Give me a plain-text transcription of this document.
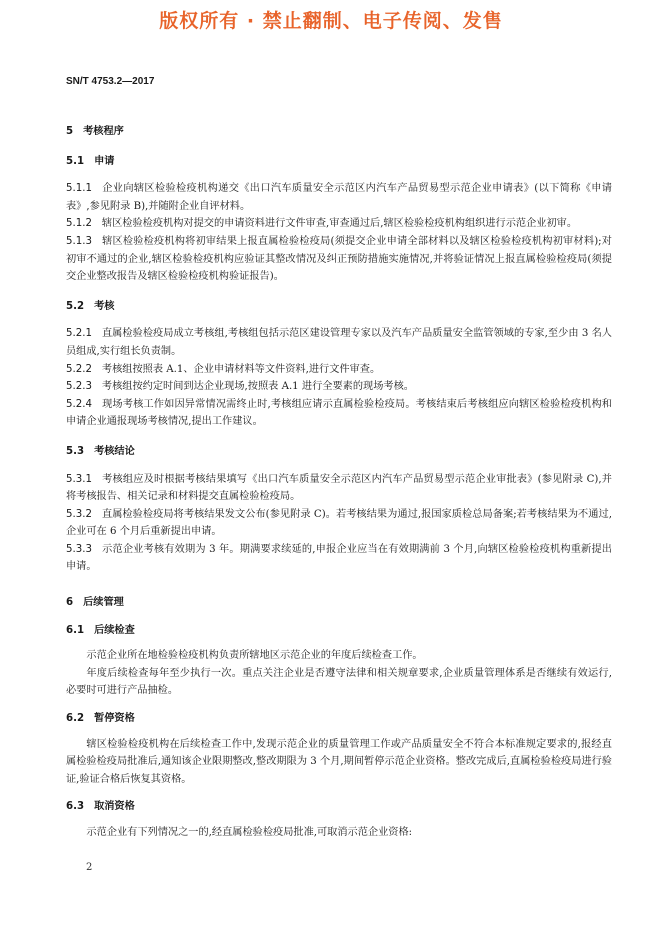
版权所有 · 禁止翻制、电子传阅、发售
SN/T 4753.2—2017

5 考核程序

5.1 申请

5.1.1 企业向辖区检验检疫机构递交《出口汽车质量安全示范区内汽车产品贸易型示范企业申请表》(以下简称《申请表》,参见附录 B),并随附企业自评材料。

5.1.2 辖区检验检疫机构对提交的申请资料进行文件审查,审查通过后,辖区检验检疫机构组织进行示范企业初审。

5.1.3 辖区检验检疫机构将初审结果上报直属检验检疫局(须提交企业申请全部材料以及辖区检验检疫机构初审材料);对初审不通过的企业,辖区检验检疫机构应验证其整改情况及纠正预防措施实施情况,并将验证情况上报直属检验检疫局(须提交企业整改报告及辖区检验检疫机构验证报告)。

5.2 考核

5.2.1 直属检验检疫局成立考核组,考核组包括示范区建设管理专家以及汽车产品质量安全监管领域的专家,至少由 3 名人员组成,实行组长负责制。

5.2.2 考核组按照表 A.1、企业申请材料等文件资料,进行文件审查。

5.2.3 考核组按约定时间到达企业现场,按照表 A.1 进行全要素的现场考核。

5.2.4 现场考核工作如因异常情况需终止时,考核组应请示直属检验检疫局。考核结束后考核组应向辖区检验检疫机构和申请企业通报现场考核情况,提出工作建议。

5.3 考核结论

5.3.1 考核组应及时根据考核结果填写《出口汽车质量安全示范区内汽车产品贸易型示范企业审批表》(参见附录 C),并将考核报告、相关记录和材料提交直属检验检疫局。

5.3.2 直属检验检疫局将考核结果发文公布(参见附录 C)。若考核结果为通过,报国家质检总局备案;若考核结果为不通过,企业可在 6 个月后重新提出申请。

5.3.3 示范企业考核有效期为 3 年。期满要求续延的,申报企业应当在有效期满前 3 个月,向辖区检验检疫机构重新提出申请。

6 后续管理

6.1 后续检查

示范企业所在地检验检疫机构负责所辖地区示范企业的年度后续检查工作。

年度后续检查每年至少执行一次。重点关注企业是否遵守法律和相关规章要求,企业质量管理体系是否继续有效运行,必要时可进行产品抽检。

6.2 暂停资格

辖区检验检疫机构在后续检查工作中,发现示范企业的质量管理工作或产品质量安全不符合本标准规定要求的,报经直属检验检疫局批准后,通知该企业限期整改,整改期限为 3 个月,期间暂停示范企业资格。整改完成后,直属检验检疫局进行验证,验证合格后恢复其资格。

6.3 取消资格

示范企业有下列情况之一的,经直属检验检疫局批准,可取消示范企业资格:

2
